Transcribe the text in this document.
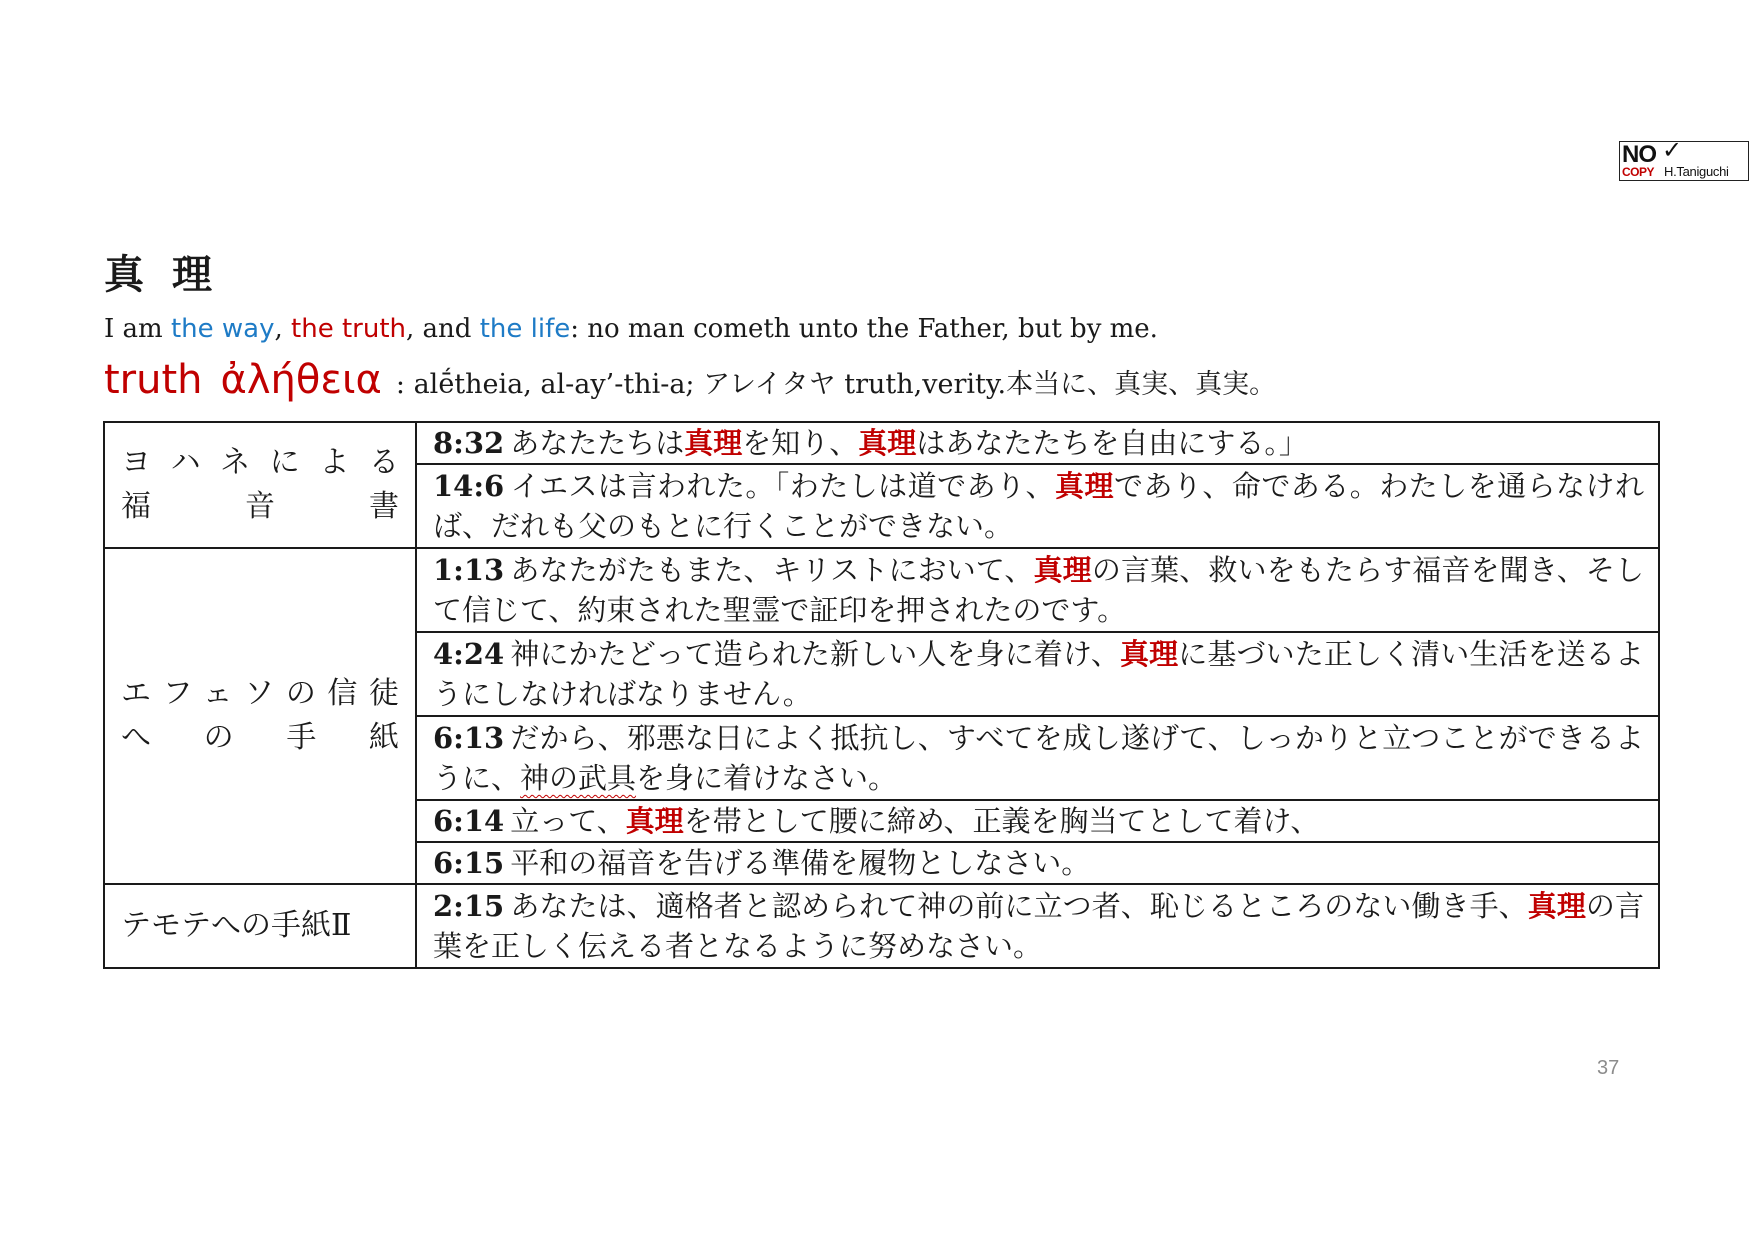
NO ✓
COPY H.Taniguchi
真理
I am the way, the truth, and the life: no man cometh unto the Father, but by me.
truth ἀλήθεια : alḗtheia, al-ay’-thi-a; アレイタヤ truth,verity.本当に、真実、真実。
ヨハネによる
福音書	8:32 あなたたちは真理を知り、真理はあなたたちを自由にする。」
	14:6 イエスは言われた。「わたしは道であり、真理であり、命である。わたしを通らなければ、だれも父のもとに行くことができない。

エフェソの信徒
への手紙	1:13 あなたがたもまた、キリストにおいて、真理の言葉、救いをもたらす福音を聞き、そして信じて、約束された聖霊で証印を押されたのです。
	4:24 神にかたどって造られた新しい人を身に着け、真理に基づいた正しく清い生活を送るようにしなければなりません。
	6:13 だから、邪悪な日によく抵抗し、すべてを成し遂げて、しっかりと立つことができるように、神の武具を身に着けなさい。
	6:14 立って、真理を帯として腰に締め、正義を胸当てとして着け、
	6:15 平和の福音を告げる準備を履物としなさい。

テモテへの手紙Ⅱ	2:15 あなたは、適格者と認められて神の前に立つ者、恥じるところのない働き手、真理の言葉を正しく伝える者となるように努めなさい。
37
